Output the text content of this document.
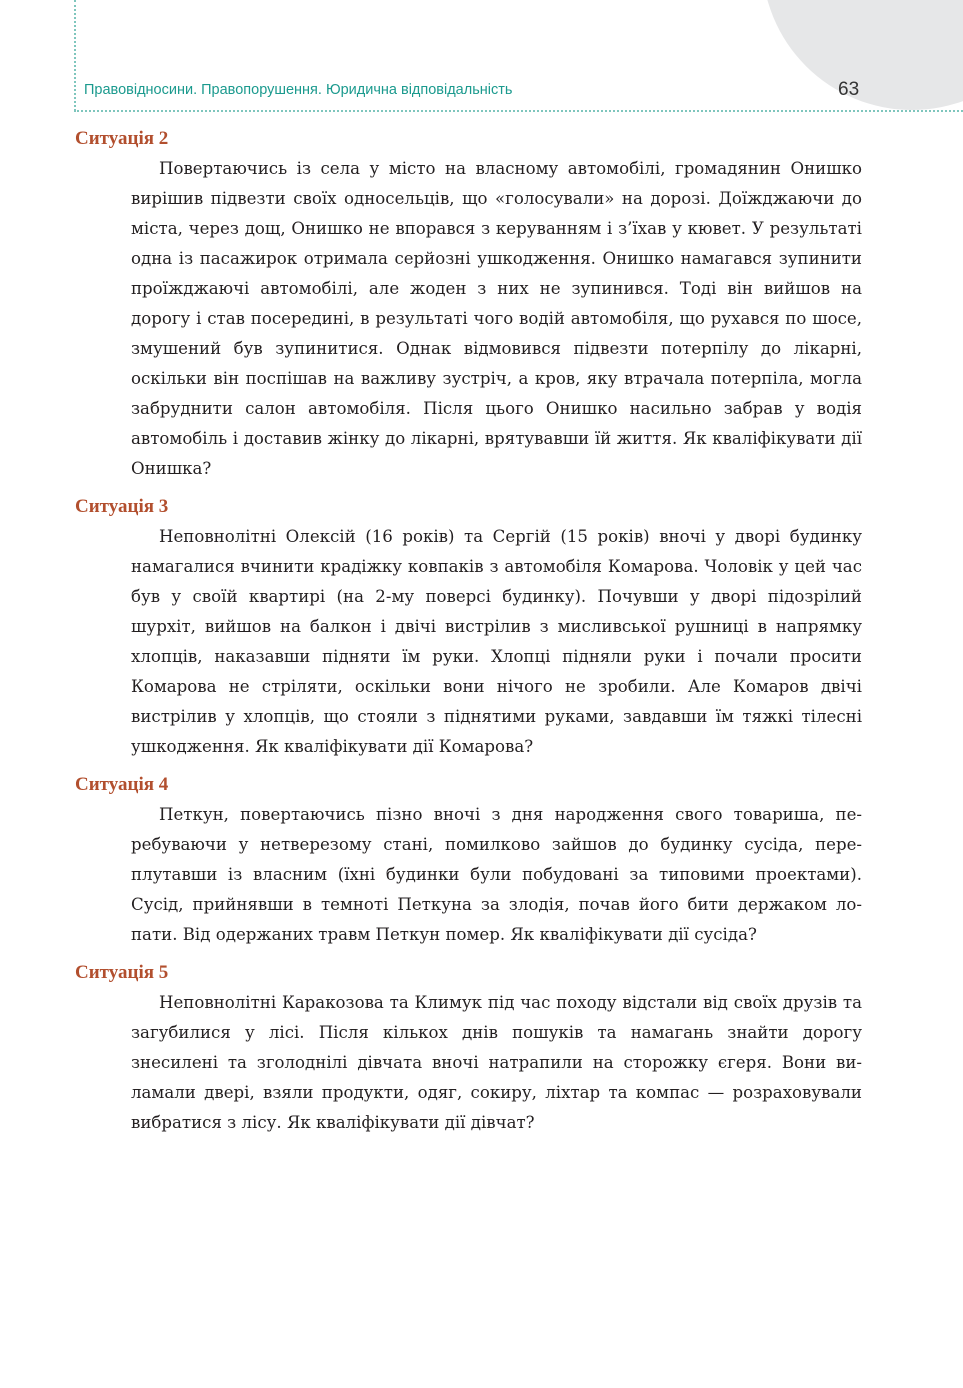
Правовідносини. Правопорушення. Юридична відповідальність	63
Ситуація 2

Повертаючись із села у місто на власному автомобілі, громадянин Онишко вирішив підвезти своїх односельців, що «голосували» на дорозі. Доїжджаючи до міста, через дощ, Онишко не впорався з керуванням і з’їхав у кювет. У результаті одна із пасажирок отримала серйозні ушкодження. Онишко намагався зупинити проїжджаючі автомобілі, але жоден з них не зупинився. Тоді він вийшов на дорогу і став посередині, в результаті чого водій автомобіля, що рухався по шосе, змушений був зупинитися. Однак відмовився підвезти потерпілу до лікарні, оскільки він поспішав на важливу зустріч, а кров, яку втрачала потерпіла, могла забруднити салон автомобіля. Після цього Онишко насильно забрав у водія автомобіль і доставив жінку до лікарні, врятувавши їй життя. Як кваліфікувати дії Онишка?

Ситуація 3

Неповнолітні Олексій (16 років) та Сергій (15 років) вночі у дворі будинку намагалися вчинити крадіжку ковпаків з автомобіля Комарова. Чоловік у цей час був у своїй квартирі (на 2-му поверсі будинку). Почувши у дворі підозрілий шурхіт, вийшов на балкон і двічі вистрілив з мисливської рушниці в напрямку хлопців, наказавши підняти їм руки. Хлопці підняли руки і почали просити Комарова не стріляти, оскільки вони нічого не зробили. Але Комаров двічі вистрілив у хлопців, що стояли з піднятими руками, завдавши їм тяжкі тілесні ушкодження. Як кваліфікувати дії Комарова?

Ситуація 4

Петкун, повертаючись пізно вночі з дня народження свого товариша, перебуваючи у нетверезому стані, помилково зайшов до будинку сусіда, переплутавши із власним (їхні будинки були побудовані за типовими проектами). Сусід, прийнявши в темноті Петкуна за злодія, почав його бити держаком лопати. Від одержаних травм Петкун помер. Як кваліфікувати дії сусіда?

Ситуація 5

Неповнолітні Каракозова та Климук під час походу відстали від своїх друзів та загубилися у лісі. Після кількох днів пошуків та намагань знайти дорогу знесилені та зголоднілі дівчата вночі натрапили на сторожку єгеря. Вони виламали двері, взяли продукти, одяг, сокиру, ліхтар та компас — розраховували вибратися з лісу. Як кваліфікувати дії дівчат?
